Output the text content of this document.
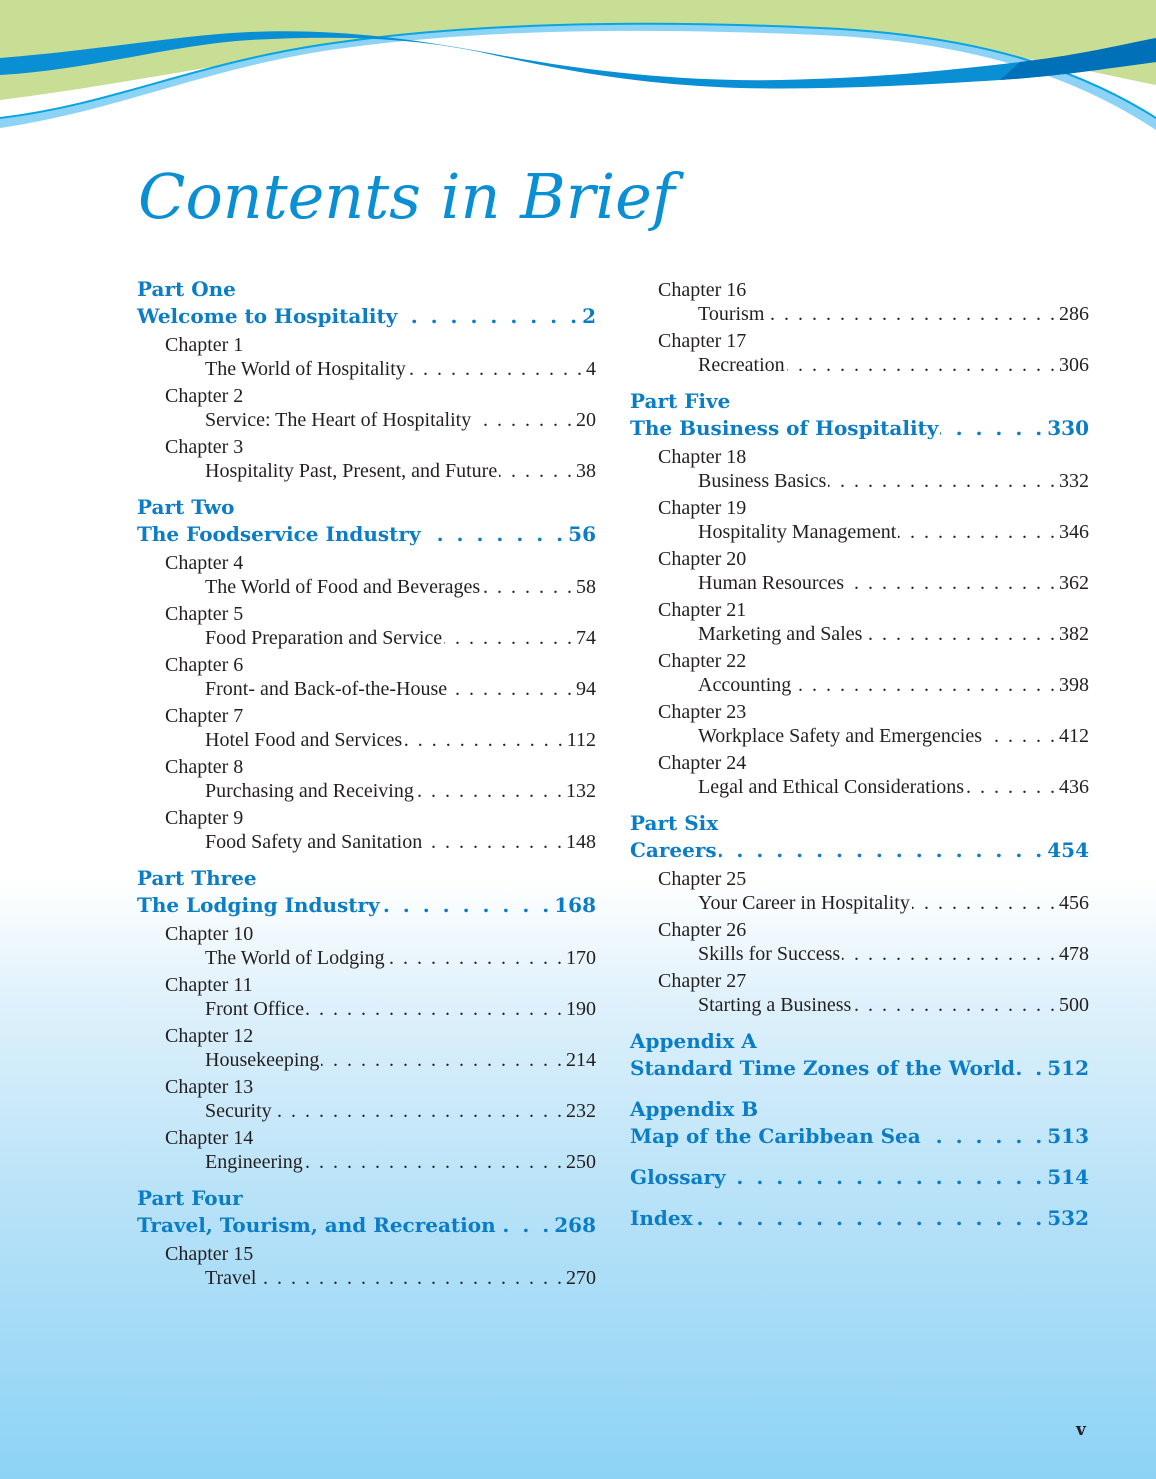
Contents in Brief
Part One
Welcome to Hospitality . . .	2
Chapter 1
The World of Hospitality . . .	4
Chapter 2
Service: The Heart of Hospitality . . .	20
Chapter 3
Hospitality Past, Present, and Future . . .	38
Part Two
The Foodservice Industry . . .	56
Chapter 4
The World of Food and Beverages . . .	58
Chapter 5
Food Preparation and Service . . .	74
Chapter 6
Front- and Back-of-the-House . . .	94
Chapter 7
Hotel Food and Services . . .	112
Chapter 8
Purchasing and Receiving . . .	132
Chapter 9
Food Safety and Sanitation . . .	148
Part Three
The Lodging Industry . . .	168
Chapter 10
The World of Lodging . . .	170
Chapter 11
Front Office . . .	190
Chapter 12
Housekeeping . . .	214
Chapter 13
Security . . .	232
Chapter 14
Engineering . . .	250
Part Four
Travel, Tourism, and Recreation . . .	268
Chapter 15
Travel . . .	270
Chapter 16
Tourism . . .	286
Chapter 17
Recreation . . .	306
Part Five
The Business of Hospitality . . .	330
Chapter 18
Business Basics . . .	332
Chapter 19
Hospitality Management . . .	346
Chapter 20
Human Resources . . .	362
Chapter 21
Marketing and Sales . . .	382
Chapter 22
Accounting . . .	398
Chapter 23
Workplace Safety and Emergencies . . .	412
Chapter 24
Legal and Ethical Considerations . . .	436
Part Six
Careers . . .	454
Chapter 25
Your Career in Hospitality . . .	456
Chapter 26
Skills for Success . . .	478
Chapter 27
Starting a Business . . .	500
Appendix A
Standard Time Zones of the World . . . 512
Appendix B
Map of the Caribbean Sea . . .	513
Glossary . . .	514
Index . . .	532
v
